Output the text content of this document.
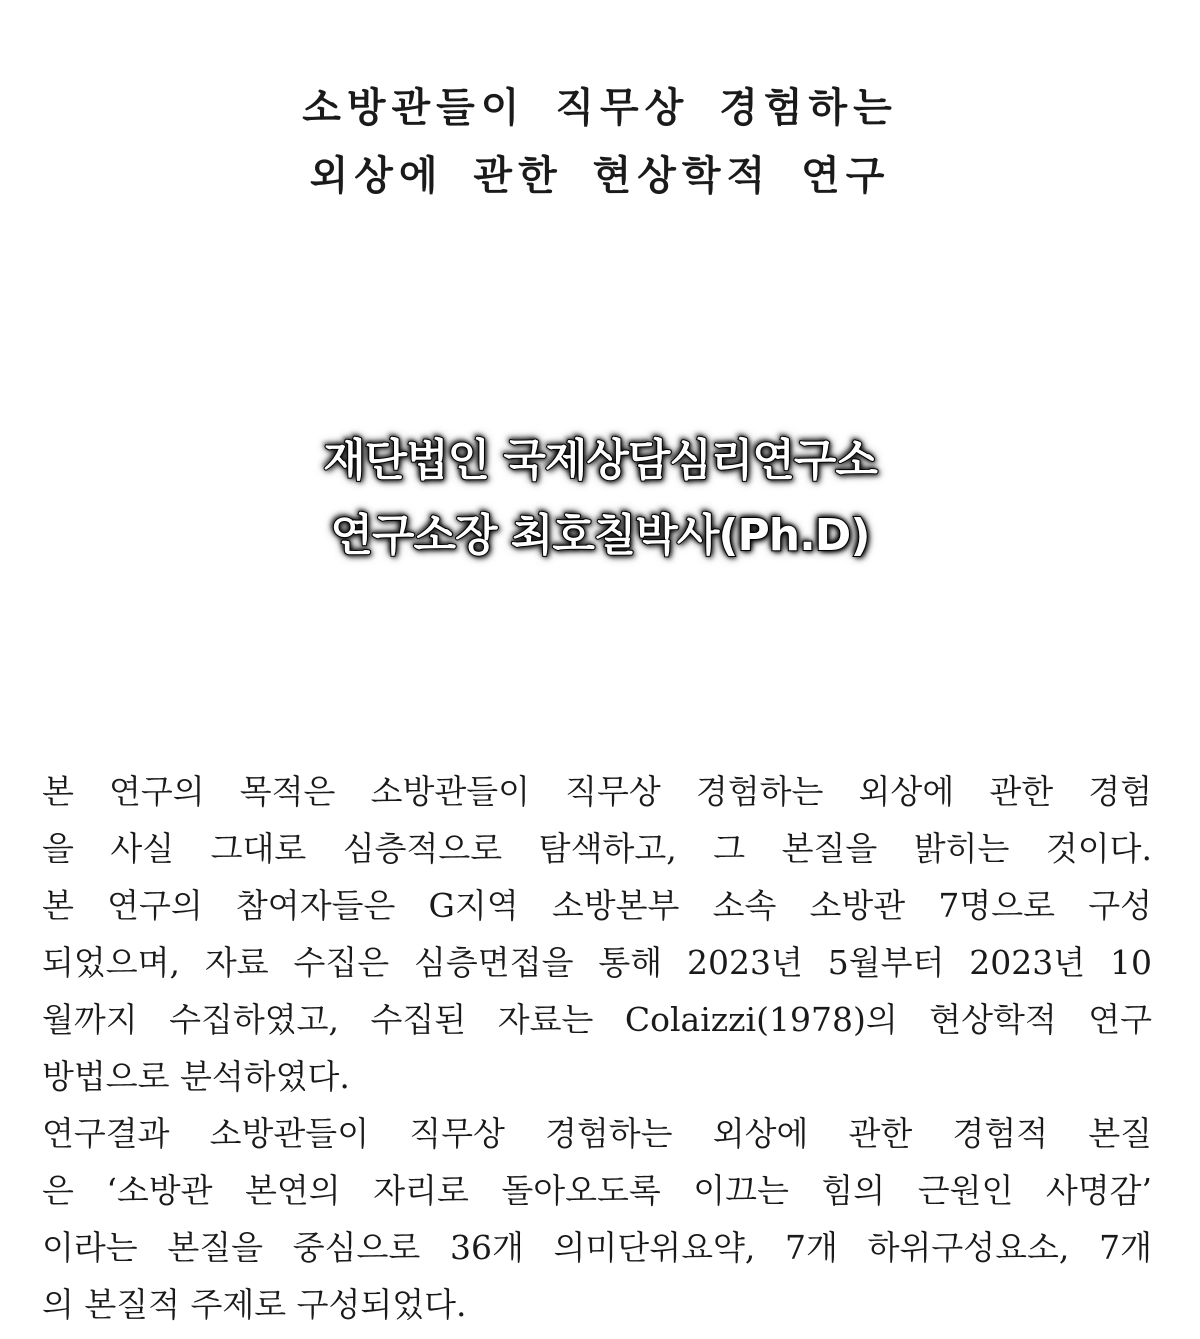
소방관들이 직무상 경험하는
외상에 관한 현상학적 연구
재단법인 국제상담심리연구소
연구소장 최호칠박사(Ph.D)
본 연구의 목적은 소방관들이 직무상 경험하는 외상에 관한 경험
을 사실 그대로 심층적으로 탐색하고, 그 본질을 밝히는 것이다.
본 연구의 참여자들은 G지역 소방본부 소속 소방관 7명으로 구성
되었으며, 자료 수집은 심층면접을 통해 2023년 5월부터 2023년 10
월까지 수집하였고, 수집된 자료는 Colaizzi(1978)의 현상학적 연구
방법으로 분석하였다.
연구결과 소방관들이 직무상 경험하는 외상에 관한 경험적 본질
은 ‘소방관 본연의 자리로 돌아오도록 이끄는 힘의 근원인 사명감’
이라는 본질을 중심으로 36개 의미단위요약, 7개 하위구성요소, 7개
의 본질적 주제로 구성되었다.
